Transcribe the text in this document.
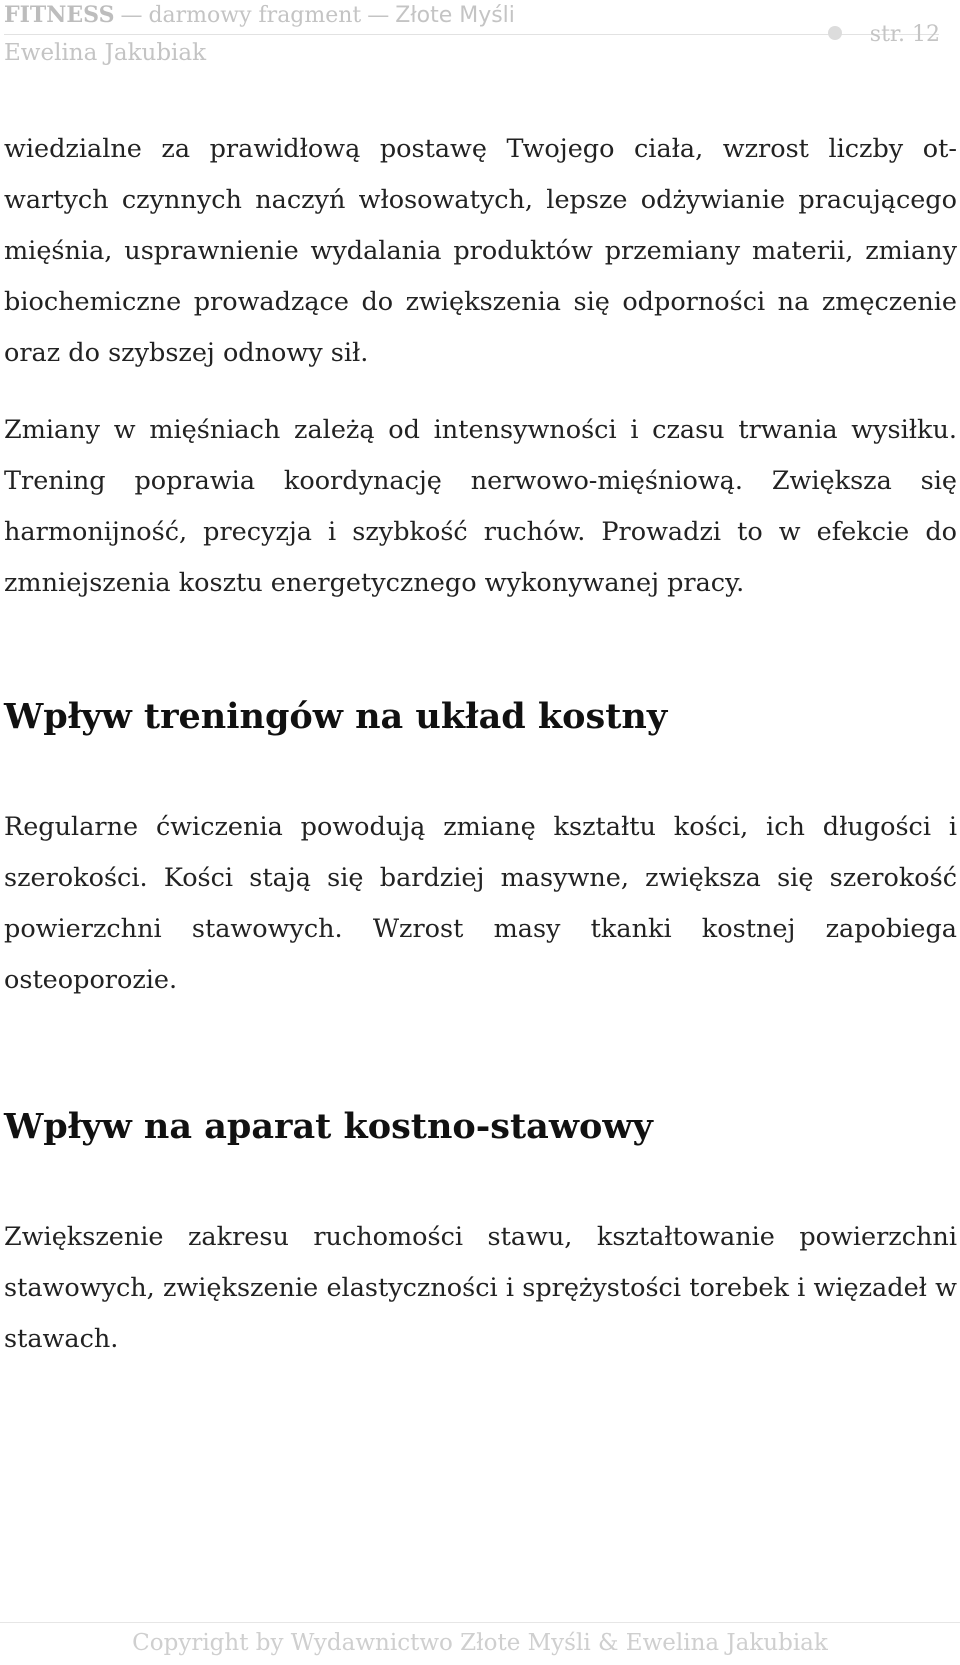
FITNESS — darmowy fragment — Złote Myśli
Ewelina Jakubiak
str. 12

wiedzialne za prawidłową postawę Twojego ciała, wzrost liczby otwartych czynnych naczyń włosowatych, lepsze odżywianie pracującego mięśnia, usprawnienie wydalania produktów przemiany materii, zmiany biochemiczne prowadzące do zwiększenia się odporności na zmęczenie oraz do szybszej odnowy sił.

Zmiany w mięśniach zależą od intensywności i czasu trwania wysiłku. Trening poprawia koordynację nerwowo-mięśniową. Zwiększa się harmonijność, precyzja i szybkość ruchów. Prowadzi to w efekcie do zmniejszenia kosztu energetycznego wykonywanej pracy.

Wpływ treningów na układ kostny

Regularne ćwiczenia powodują zmianę kształtu kości, ich długości i szerokości. Kości stają się bardziej masywne, zwiększa się szerokość powierzchni stawowych. Wzrost masy tkanki kostnej zapobiega osteoporozie.

Wpływ na aparat kostno-stawowy

Zwiększenie zakresu ruchomości stawu, kształtowanie powierzchni stawowych, zwiększenie elastyczności i sprężystości torebek i więzadeł w stawach.

Copyright by Wydawnictwo Złote Myśli & Ewelina Jakubiak
